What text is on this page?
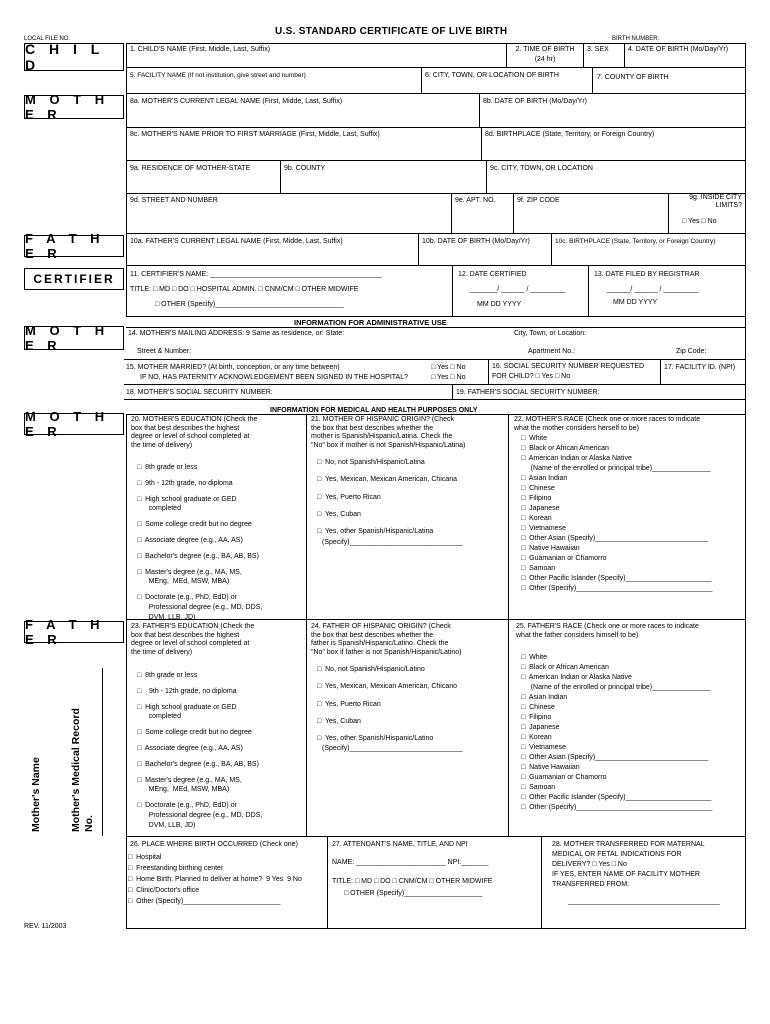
U.S. STANDARD CERTIFICATE OF LIVE BIRTH
LOCAL FILE NO.	BIRTH NUMBER:
C H I L D
M O T H E R
F A T H E R
CERTIFIER
M O T H E R
M O T H E R
F A T H E R
1. CHILD'S NAME (First, Middle, Last, Suffix)	2. TIME OF BIRTH
(24 hr)
3. SEX	4. DATE OF BIRTH (Mo/Day/Yr)
5. FACILITY NAME (If not institution, give street and number)	6. CITY, TOWN, OR LOCATION OF BIRTH	7. COUNTY OF BIRTH
8a. MOTHER'S CURRENT LEGAL NAME (First, Midde, Last, Suffix)	8b. DATE OF BIRTH (Mo/Day/Yr)
8c. MOTHER'S NAME PRIOR TO FIRST MARRIAGE (First, Middle, Last, Suffix)	8d. BIRTHPLACE (State, Territory, or Foreign Country)
9a. RESIDENCE OF MOTHER-STATE	9b. COUNTY	9c. CITY, TOWN, OR LOCATION
9d. STREET AND NUMBER	9e. APT. NO.	9f. ZIP CODE	9g. INSIDE CITY
LIMITS?
□ Yes □ No
10a. FATHER'S CURRENT LEGAL NAME (First, Midde, Last, Suffix)	10b. DATE OF BIRTH (Mo/Day/Yr)	10c. BIRTHPLACE (State, Territory, or Foreign Country)
11. CERTIFIER'S NAME: ____________________________________________
TITLE: □ MD □ DO □ HOSPITAL ADMIN. □ CNM/CM □ OTHER MIDWIFE
□ OTHER (Specify)_________________________________
12. DATE CERTIFIED
_______/ ______ / _________
MM DD YYYY
13. DATE FILED BY REGISTRAR
______/ ______ / _________
MM DD YYYY
INFORMATION FOR ADMINISTRATIVE USE
14. MOTHER'S MAILING ADDRESS: 9 Same as residence, or: State:	City, Town, or Location:
Street & Number:	Apartment No.:	Zip Code:
15. MOTHER MARRIED? (At birth, conception, or any time between)	□ Yes □ No
IF NO, HAS PATERNITY ACKNOWLEDGEMENT BEEN SIGNED IN THE HOSPITAL?	□ Yes □ No
16. SOCIAL SECURITY NUMBER REQUESTED
FOR CHILD? □ Yes □ No
17. FACILITY ID. (NPI)
18. MOTHER'S SOCIAL SECURITY NUMBER:	19. FATHER'S SOCIAL SECURITY NUMBER:
INFORMATION FOR MEDICAL AND HEALTH PURPOSES ONLY
20. MOTHER'S EDUCATION (Check the
box that best describes the highest
degree or level of school completed at
the time of delivery)
□  8th grade or less
□  9th - 12th grade, no diploma
□  High school graduate or GED
completed
□  Some college credit but no degree
□  Associate degree (e.g., AA, AS)
□  Bachelor's degree (e.g., BA, AB, BS)
□  Master's degree (e.g., MA, MS,
MEng,  MEd, MSW, MBA)
□  Doctorate (e.g., PhD, EdD) or
Professional degree (e.g., MD, DDS,
DVM, LLB, JD)
21. MOTHER OF HISPANIC ORIGIN? (Check
the box that best describes whether the
mother is Spanish/Hispanic/Latina. Check the
"No" box if mother is not Spanish/Hispanic/Latina)
□  No, not Spanish/Hispanic/Latina
□  Yes, Mexican, Mexican American, Chicana
□  Yes, Puerto Rican
□  Yes, Cuban
□  Yes, other Spanish/Hispanic/Latina
(Specify)_____________________________
22. MOTHER'S RACE (Check one or more races to indicate
what the mother considers herself to be)
□  White
□  Black or African American
□  American Indian or Alaska Native
(Name of the enrolled or principal tribe)_______________
□  Asian Indian
□  Chinese
□  Filipino
□  Japanese
□  Korean
□  Vietnamese
□  Other Asian (Specify)_____________________________
□  Native Hawaiian
□  Guamanian or Chamorro
□  Samoan
□  Other Pacific Islander (Specify)______________________
□  Other (Specify)___________________________________
23. FATHER'S EDUCATION (Check the
box that best describes the highest
degree or level of school completed at
the time of delivery)
□  8th grade or less
□    9th - 12th grade, no diploma
□  High school graduate or GED
completed
□  Some college credit but no degree
□  Associate degree (e.g., AA, AS)
□  Bachelor's degree (e.g., BA, AB, BS)
□  Master's degree (e.g., MA, MS,
MEng,  MEd, MSW, MBA)
□  Doctorate (e.g., PhD, EdD) or
Professional degree (e.g., MD, DDS,
DVM, LLB, JD)
24. FATHER OF HISPANIC ORIGIN? (Check
the box that best describes whether the
father is Spanish/Hispanic/Latino. Check the
"No" box if father is not Spanish/Hispanic/Latino)
□  No, not Spanish/Hispanic/Latino
□  Yes, Mexican, Mexican American, Chicano
□  Yes, Puerto Rican
□  Yes, Cuban
□  Yes, other Spanish/Hispanic/Latino
(Specify)_____________________________
25. FATHER'S RACE (Check one or more races to indicate
what the father considers himself to be)
□  White
□  Black or African American
□  American Indian or Alaska Native
(Name of the enrolled or principal tribe)_______________
□  Asian Indian
□  Chinese
□  Filipino
□  Japanese
□  Korean
□  Vietnamese
□  Other Asian (Specify)_____________________________
□  Native Hawaiian
□  Guamanian or Chamorro
□  Samoan
□  Other Pacific Islander (Specify)______________________
□  Other (Specify)___________________________________
26. PLACE WHERE BIRTH OCCURRED (Check one)
□  Hospital
□  Freestanding birthing center
□  Home Birth: Planned to deliver at home?  9 Yes  9 No
□  Clinic/Doctor's office
□  Other (Specify)_________________________
27. ATTENDANT'S NAME, TITLE, AND NPI
NAME: _______________________ NPI:_______
TITLE: □ MD □ DO □ CNM/CM □ OTHER MIDWIFE
□ OTHER (Specify)____________________
28. MOTHER TRANSFERRED FOR MATERNAL
MEDICAL OR FETAL INDICATIONS FOR
DELIVERY? □ Yes □ No
IF YES, ENTER NAME OF FACILITY MOTHER
TRANSFERRED FROM:
_______________________________________
Mother's Name	Mother's Medical Record
No.
REV. 11/2003
